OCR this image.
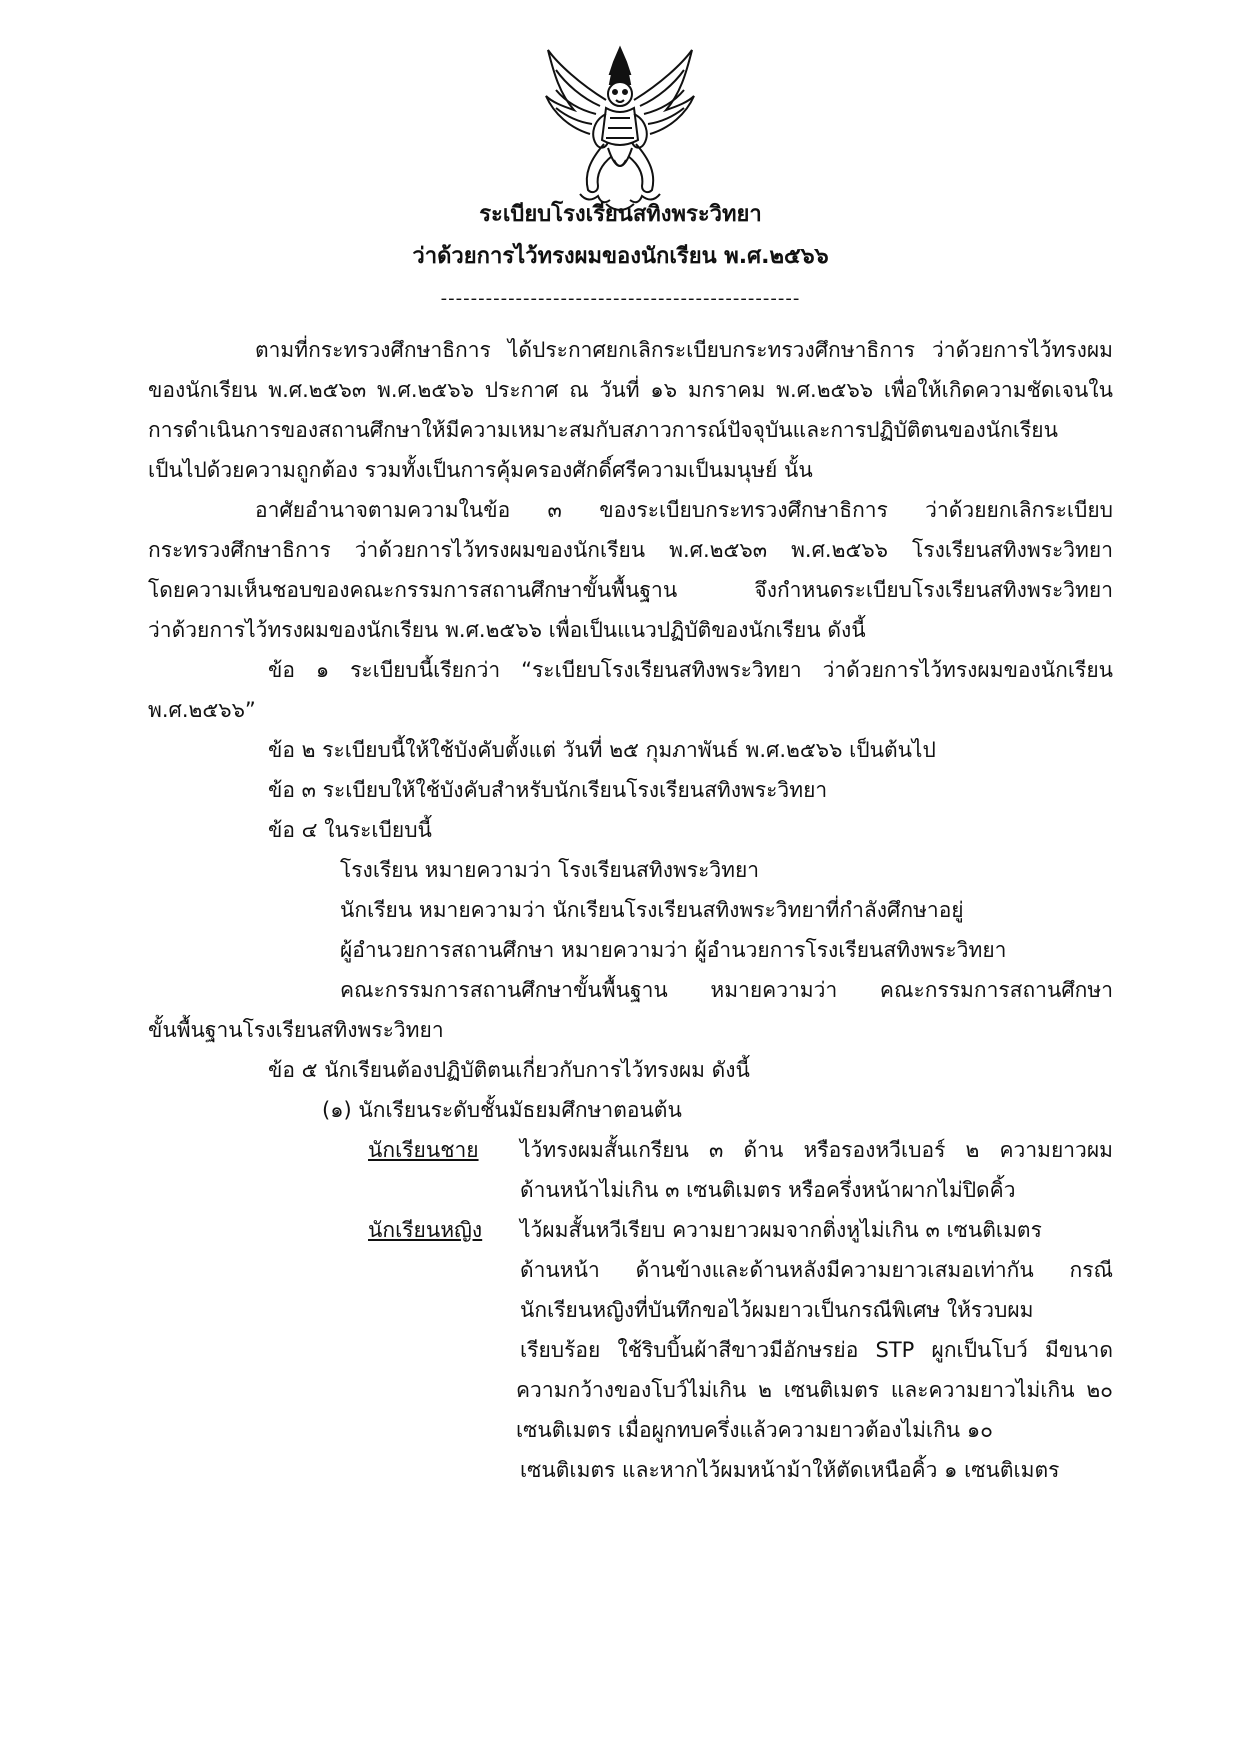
ระเบียบโรงเรียนสทิงพระวิทยา
ว่าด้วยการไว้ทรงผมของนักเรียน พ.ศ.๒๕๖๖
------------------------------------------------
ตามที่กระทรวงศึกษาธิการ ได้ประกาศยกเลิกระเบียบกระทรวงศึกษาธิการ ว่าด้วยการไว้ทรงผม
ของนักเรียน พ.ศ.๒๕๖๓ พ.ศ.๒๕๖๖ ประกาศ ณ วันที่ ๑๖ มกราคม พ.ศ.๒๕๖๖ เพื่อให้เกิดความชัดเจนใน
การดำเนินการของสถานศึกษาให้มีความเหมาะสมกับสภาวการณ์ปัจจุบันและการปฏิบัติตนของนักเรียน
เป็นไปด้วยความถูกต้อง รวมทั้งเป็นการคุ้มครองศักดิ์ศรีความเป็นมนุษย์ นั้น
อาศัยอำนาจตามความในข้อ ๓ ของระเบียบกระทรวงศึกษาธิการ ว่าด้วยยกเลิกระเบียบ
กระทรวงศึกษาธิการ ว่าด้วยการไว้ทรงผมของนักเรียน พ.ศ.๒๕๖๓ พ.ศ.๒๕๖๖ โรงเรียนสทิงพระวิทยา
โดยความเห็นชอบของคณะกรรมการสถานศึกษาขั้นพื้นฐาน จึงกำหนดระเบียบโรงเรียนสทิงพระวิทยา
ว่าด้วยการไว้ทรงผมของนักเรียน พ.ศ.๒๕๖๖ เพื่อเป็นแนวปฏิบัติของนักเรียน ดังนี้
ข้อ ๑ ระเบียบนี้เรียกว่า “ระเบียบโรงเรียนสทิงพระวิทยา ว่าด้วยการไว้ทรงผมของนักเรียน
พ.ศ.๒๕๖๖”
ข้อ ๒ ระเบียบนี้ให้ใช้บังคับตั้งแต่ วันที่ ๒๕ กุมภาพันธ์ พ.ศ.๒๕๖๖ เป็นต้นไป
ข้อ ๓ ระเบียบให้ใช้บังคับสำหรับนักเรียนโรงเรียนสทิงพระวิทยา
ข้อ ๔ ในระเบียบนี้
โรงเรียน หมายความว่า โรงเรียนสทิงพระวิทยา
นักเรียน หมายความว่า นักเรียนโรงเรียนสทิงพระวิทยาที่กำลังศึกษาอยู่
ผู้อำนวยการสถานศึกษา หมายความว่า ผู้อำนวยการโรงเรียนสทิงพระวิทยา
คณะกรรมการสถานศึกษาขั้นพื้นฐาน หมายความว่า คณะกรรมการสถานศึกษา
ขั้นพื้นฐานโรงเรียนสทิงพระวิทยา
ข้อ ๕ นักเรียนต้องปฏิบัติตนเกี่ยวกับการไว้ทรงผม ดังนี้
(๑) นักเรียนระดับชั้นมัธยมศึกษาตอนต้น
นักเรียนชาย ไว้ทรงผมสั้นเกรียน ๓ ด้าน หรือรองหวีเบอร์ ๒ ความยาวผม
ด้านหน้าไม่เกิน ๓ เซนติเมตร หรือครึ่งหน้าผากไม่ปิดคิ้ว
นักเรียนหญิง ไว้ผมสั้นหวีเรียบ ความยาวผมจากติ่งหูไม่เกิน ๓ เซนติเมตร
ด้านหน้า ด้านข้างและด้านหลังมีความยาวเสมอเท่ากัน กรณี
นักเรียนหญิงที่บันทึกขอไว้ผมยาวเป็นกรณีพิเศษ ให้รวบผม
เรียบร้อย ใช้ริบบิ้นผ้าสีขาวมีอักษรย่อ STP ผูกเป็นโบว์ มีขนาด
ความกว้างของโบว์ไม่เกิน ๒ เซนติเมตร และความยาวไม่เกิน ๒๐
เซนติเมตร เมื่อผูกทบครึ่งแล้วความยาวต้องไม่เกิน ๑๐
เซนติเมตร และหากไว้ผมหน้าม้าให้ตัดเหนือคิ้ว ๑ เซนติเมตร
